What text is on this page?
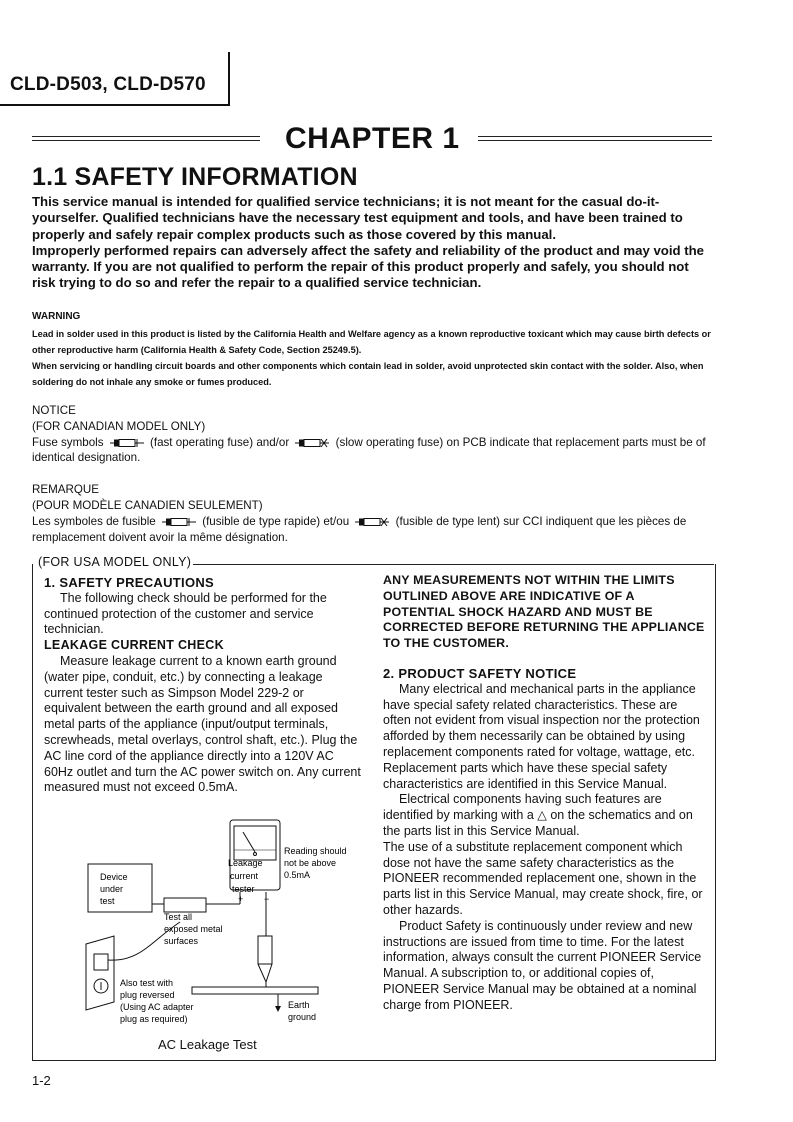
CLD-D503, CLD-D570
CHAPTER 1
1.1 SAFETY INFORMATION

This service manual is intended for qualified service technicians; it is not meant for the casual do-it-yourselfer. Qualified technicians have the necessary test equipment and tools, and have been trained to properly and safely repair complex products such as those covered by this manual.

Improperly performed repairs can adversely affect the safety and reliability of the product and may void the warranty. If you are not qualified to perform the repair of this product properly and safely, you should not risk trying to do so and refer the repair to a qualified service technician.

WARNING

Lead in solder used in this product is listed by the California Health and Welfare agency as a known reproductive toxicant which may cause birth defects or other reproductive harm (California Health & Safety Code, Section 25249.5).

When servicing or handling circuit boards and other components which contain lead in solder, avoid unprotected skin contact with the solder. Also, when soldering do not inhale any smoke or fumes produced.

NOTICE

(FOR CANADIAN MODEL ONLY)

Fuse symbols	(fast operating fuse) and/or	(slow operating fuse) on PCB indicate that replacement parts must be of identical designation.

REMARQUE

(POUR MODÈLE CANADIEN SEULEMENT)

Les symboles de fusible	(fusible de type rapide) et/ou	(fusible de type lent) sur CCI indiquent que les pièces de remplacement doivent avoir la même désignation.

(FOR USA MODEL ONLY)

1. SAFETY PRECAUTIONS

The following check should be performed for the continued protection of the customer and service technician.

LEAKAGE CURRENT CHECK

Measure leakage current to a known earth ground (water pipe, conduit, etc.) by connecting a leakage current tester such as Simpson Model 229-2 or equivalent between the earth ground and all exposed metal parts of the appliance (input/output terminals, screwheads, metal overlays, control shaft, etc.). Plug the AC line cord of the appliance directly into a 120V AC 60Hz outlet and turn the AC power switch on. Any current measured must not exceed 0.5mA.

ANY MEASUREMENTS NOT WITHIN THE LIMITS OUTLINED ABOVE ARE INDICATIVE OF A POTENTIAL SHOCK HAZARD AND MUST BE CORRECTED BEFORE RETURNING THE APPLIANCE TO THE CUSTOMER.

2. PRODUCT SAFETY NOTICE

Many electrical and mechanical parts in the appliance have special safety related characteristics. These are often not evident from visual inspection nor the protection afforded by them necessarily can be obtained by using replacement components rated for voltage, wattage, etc. Replacement parts which have these special safety characteristics are identified in this Service Manual.

Electrical components having such features are identified by marking with a △ on the schematics and on the parts list in this Service Manual.

The use of a substitute replacement component which dose not have the same safety characteristics as the PIONEER recommended replacement one, shown in the parts list in this Service Manual, may create shock, fire, or other hazards.

Product Safety is continuously under review and new instructions are issued from time to time. For the latest information, always consult the current PIONEER Service Manual. A subscription to, or additional copies of, PIONEER Service Manual may be obtained at a nominal charge from PIONEER.

Leakage
current
tester
Reading should
not be above
0.5mA
+ −
Device
under
test
Earth
ground
Test all
exposed metal
surfaces
Also test with
plug reversed
(Using AC adapter
plug as required)
AC Leakage Test
1-2
